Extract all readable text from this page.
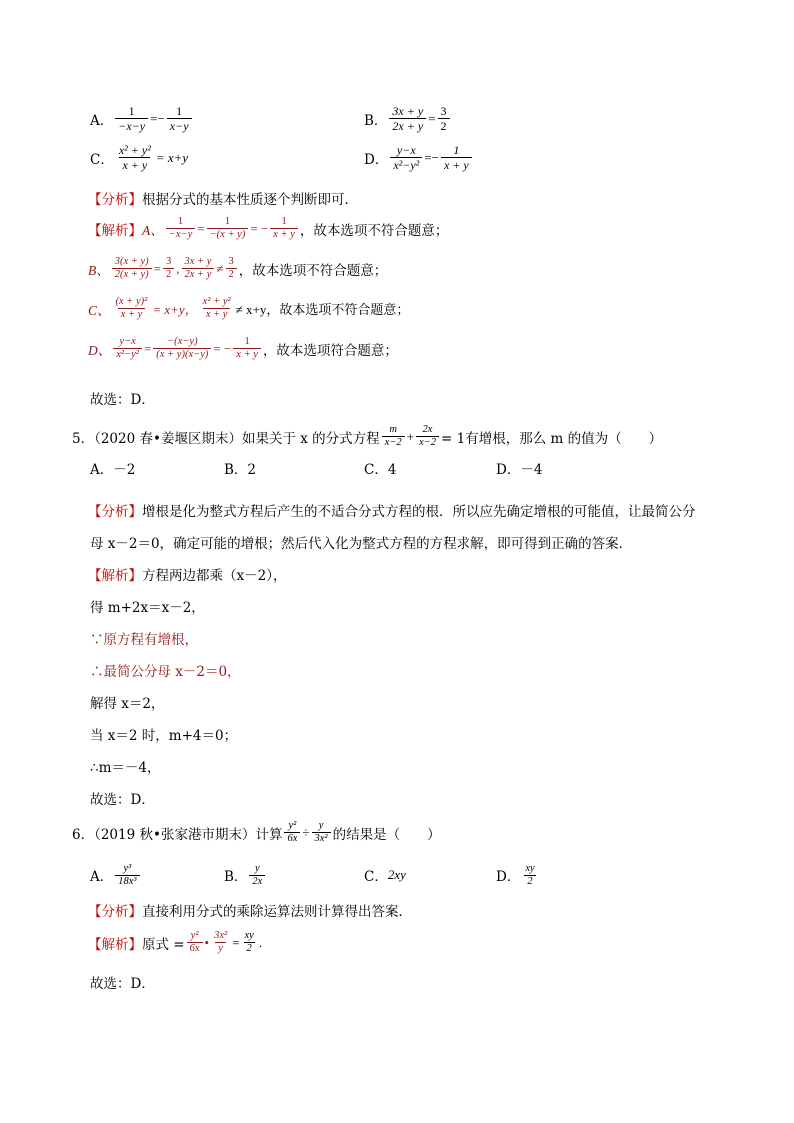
A． $\frac{1}{-x-y} =- \frac{1}{x-y}$	B． $\frac{3x + y}{2x + y} = \frac{3}{2}$
C． $\frac{\text{x² + y²}}{x + y} = x+y$	D． $\frac{y-x}{\text{x²−y²}} =- \frac{1}{x + y}$
【分析】 根据分式的基本性质逐个判断即可．
【解析】 A、 $\frac{1}{-x-y} = \frac{1}{-(x + y)}$ = − $\frac{1}{x + y}$ ，故本选项不符合题意；
B、 $\frac{3(x + y)}{2(x + y)} = \frac{3}{2}$ , $\frac{3x + y}{2x + y} \ne \frac{3}{2}$ ，故本选项不符合题意；
C、 $\frac{\text{(x + y)²}}{x + y} = x+y$， $\frac{\text{x² + y²}}{x + y} \ne x+y$，故本选项不符合题意；
D、 $\frac{y-x}{\text{x²−y²}} = \frac{-(x-y)}{(x + y)(x-y)}$ = − $\frac{1}{x + y}$ ，故本选项符合题意；
故选：D．
5．（2020 春•姜堰区期末）如果关于 x 的分式方程 $\frac{m}{x-2} + \frac{2x}{x-2} = 1$有增根，那么 m 的值为（　　）
A．－2	B．2	C．4	D．－4
【分析】 增根是化为整式方程后产生的不适合分式方程的根．所以应先确定增根的可能值，让最简公分
母 x－2＝0，确定可能的增根；然后代入化为整式方程的方程求解，即可得到正确的答案．
【解析】 方程两边都乘（x－2），
得 m+2x＝x－2，
∵原方程有增根，
∴最简公分母 x－2＝0，
解得 x＝2，
当 x＝2 时，m+4＝0；
∴m＝－4，
故选：D．
6．（2019 秋•张家港市期末）计算 $\frac{\text{y²}}{6x} \div \frac{y}{\text{3x²}}$ 的结果是（　　）
A． $\frac{\text{y³}}{\text{18x³}}$	B． $\frac{y}{2x}$	C． 2xy	D． $\frac{xy}{2}$
【分析】 直接利用分式的乘除运算法则计算得出答案．
【解析】 原式 = $\frac{\text{y²}}{6x}$ • $\frac{\text{3x²}}{y} = \frac{xy}{2}$ .
故选：D．
